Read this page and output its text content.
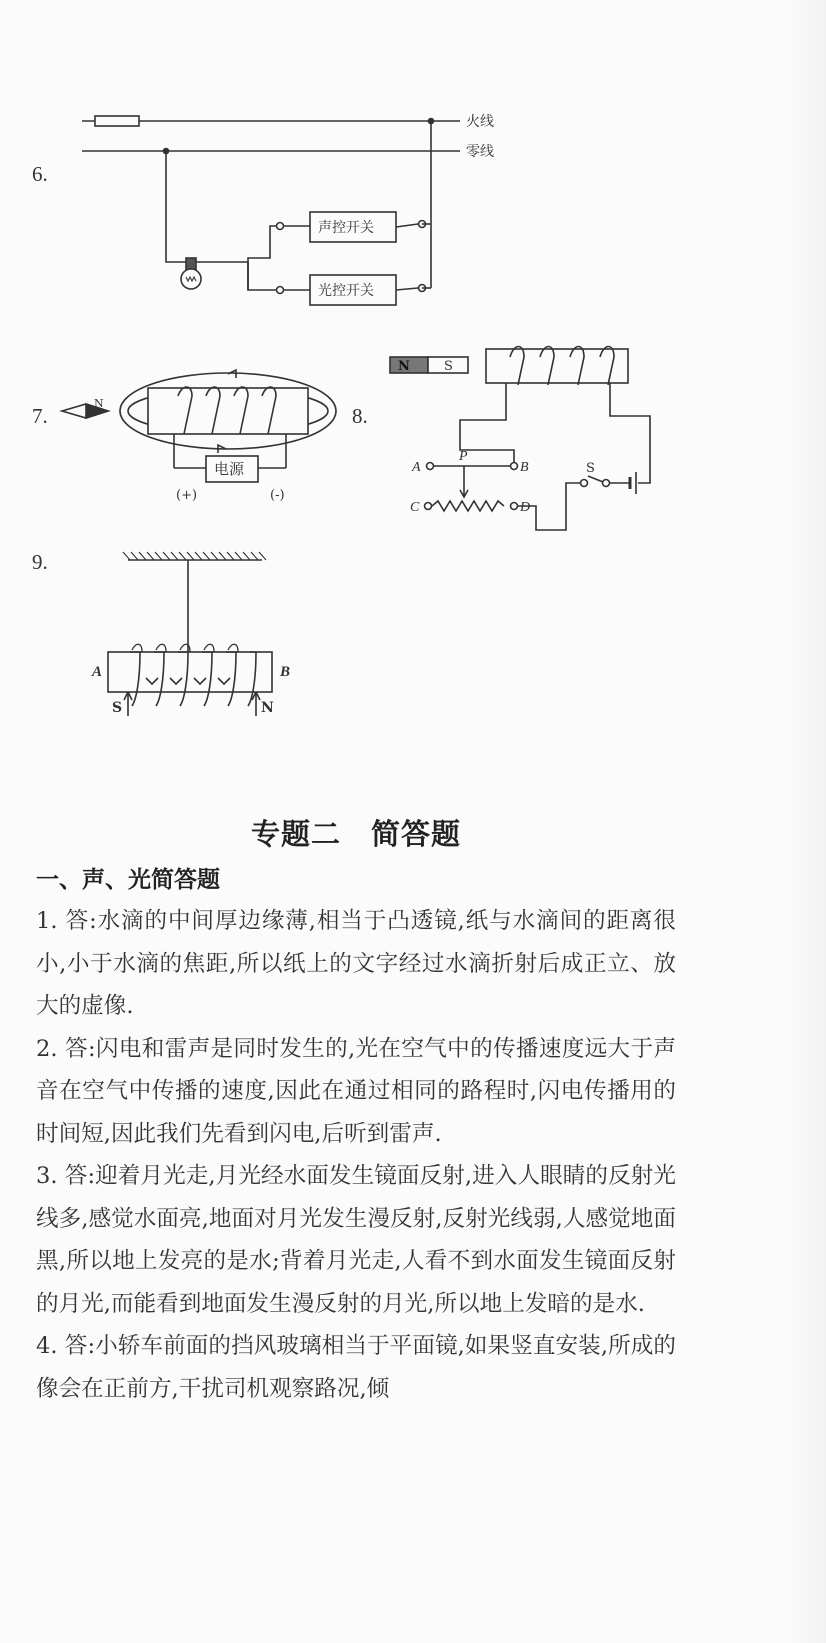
6.
7.	8.
9.
火线
零线
声控开关
光控开关
N
电源
(+)	(-)
N	S
A
P
B
C	D
S
A	B
S	N
专题二　简答题
一、声、光简答题

1. 答:水滴的中间厚边缘薄,相当于凸透镜,纸与水滴间的距离很小,小于水滴的焦距,所以纸上的文字经过水滴折射后成正立、放大的虚像.

2. 答:闪电和雷声是同时发生的,光在空气中的传播速度远大于声音在空气中传播的速度,因此在通过相同的路程时,闪电传播用的时间短,因此我们先看到闪电,后听到雷声.

3. 答:迎着月光走,月光经水面发生镜面反射,进入人眼睛的反射光线多,感觉水面亮,地面对月光发生漫反射,反射光线弱,人感觉地面黑,所以地上发亮的是水;背着月光走,人看不到水面发生镜面反射的月光,而能看到地面发生漫反射的月光,所以地上发暗的是水.

4. 答:小轿车前面的挡风玻璃相当于平面镜,如果竖直安装,所成的像会在正前方,干扰司机观察路况,倾
